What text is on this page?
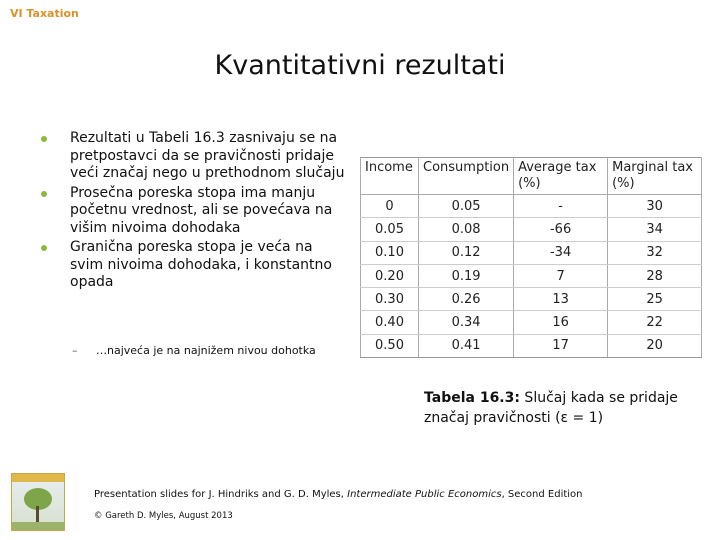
VI Taxation
Kvantitativni rezultati
Rezultati u Tabeli 16.3 zasnivaju se na pretpostavci da se pravičnosti pridaje veći značaj nego u prethodnom slučaju
Prosečna poreska stopa ima manju početnu vrednost, ali se povećava na višim nivoima dohodaka
Granična poreska stopa je veća na svim nivoima dohodaka, i konstantno opada
– …najveća je na najnižem nivou dohotka
Income	Consumption	Average tax (%)	Marginal tax (%)
0	0.05	-	30
0.05	0.08	-66	34
0.10	0.12	-34	32
0.20	0.19	7	28
0.30	0.26	13	25
0.40	0.34	16	22
0.50	0.41	17	20
Tabela 16.3: Slučaj kada se pridaje značaj pravičnosti (ε = 1)
Presentation slides for J. Hindriks and G. D. Myles, Intermediate Public Economics, Second Edition
© Gareth D. Myles, August 2013
